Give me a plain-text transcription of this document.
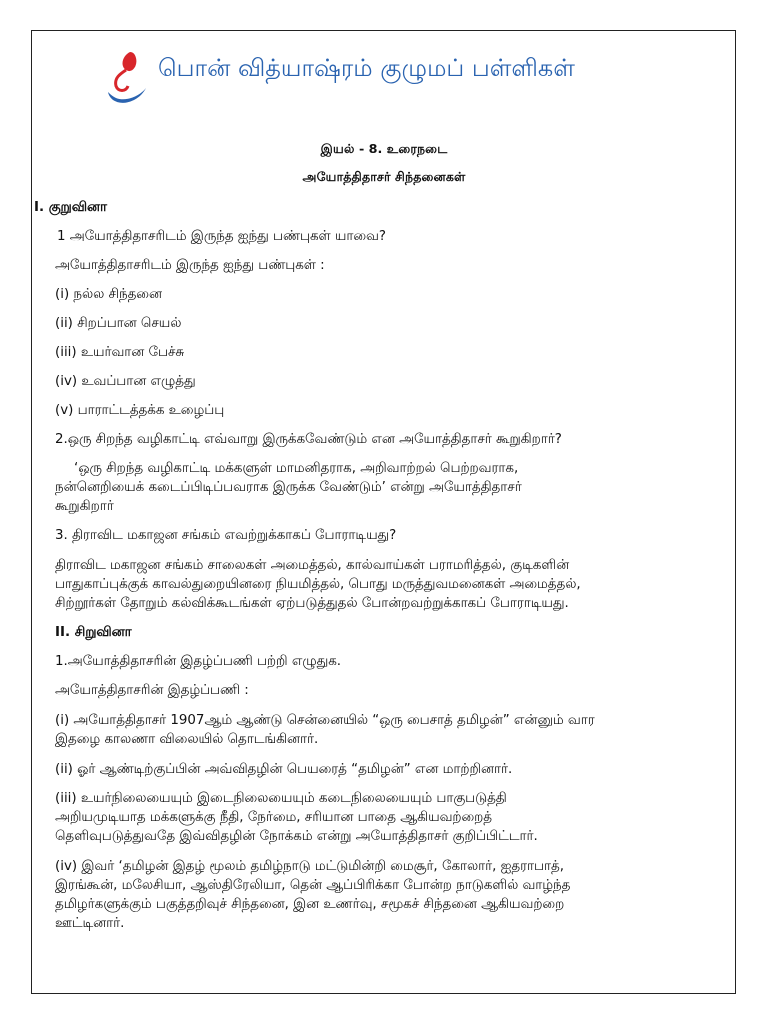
பொன் வித்யாஷ்ரம் குழுமப் பள்ளிகள்
இயல் - 8. உரைநடை
அயோத்திதாசர் சிந்தனைகள்
I. குறுவினா
1 அயோத்திதாசரிடம் இருந்த ஐந்து பண்புகள் யாவை?
அயோத்திதாசரிடம் இருந்த ஐந்து பண்புகள் :
(i) நல்ல சிந்தனை
(ii) சிறப்பான செயல்
(iii) உயர்வான பேச்சு
(iv) உவப்பான எழுத்து
(v) பாராட்டத்தக்க உழைப்பு
2.ஒரு சிறந்த வழிகாட்டி எவ்வாறு இருக்கவேண்டும் என அயோத்திதாசர் கூறுகிறார்?
‘ஒரு சிறந்த வழிகாட்டி மக்களுள் மாமனிதராக, அறிவாற்றல் பெற்றவராக,
நன்னெறியைக் கடைப்பிடிப்பவராக இருக்க வேண்டும்’ என்று அயோத்திதாசர்
கூறுகிறார்
3. திராவிட மகாஜன சங்கம் எவற்றுக்காகப் போராடியது?
திராவிட மகாஜன சங்கம் சாலைகள் அமைத்தல், கால்வாய்கள் பராமரித்தல், குடிகளின்
பாதுகாப்புக்குக் காவல்துறையினரை நியமித்தல், பொது மருத்துவமனைகள் அமைத்தல்,
சிற்றூர்கள் தோறும் கல்விக்கூடங்கள் ஏற்படுத்துதல் போன்றவற்றுக்காகப் போராடியது.
II. சிறுவினா
1.அயோத்திதாசரின் இதழ்ப்பணி பற்றி எழுதுக.
அயோத்திதாசரின் இதழ்ப்பணி :
(i) அயோத்திதாசர் 1907ஆம் ஆண்டு சென்னையில் “ஒரு பைசாத் தமிழன்” என்னும் வார
இதழை காலணா விலையில் தொடங்கினார்.
(ii) ஓர் ஆண்டிற்குப்பின் அவ்விதழின் பெயரைத் “தமிழன்” என மாற்றினார்.
(iii) உயர்நிலையையும் இடைநிலையையும் கடைநிலையையும் பாகுபடுத்தி
அறியமுடியாத மக்களுக்கு நீதி, நேர்மை, சரியான பாதை ஆகியவற்றைத்
தெளிவுபடுத்துவதே இவ்விதழின் நோக்கம் என்று அயோத்திதாசர் குறிப்பிட்டார்.
(iv) இவர் ‘தமிழன் இதழ் மூலம் தமிழ்நாடு மட்டுமின்றி மைசூர், கோலார், ஐதராபாத்,
இரங்கூன், மலேசியா, ஆஸ்திரேலியா, தென் ஆப்பிரிக்கா போன்ற நாடுகளில் வாழ்ந்த
தமிழர்களுக்கும் பகுத்தறிவுச் சிந்தனை, இன உணர்வு, சமூகச் சிந்தனை ஆகியவற்றை
ஊட்டினார்.
